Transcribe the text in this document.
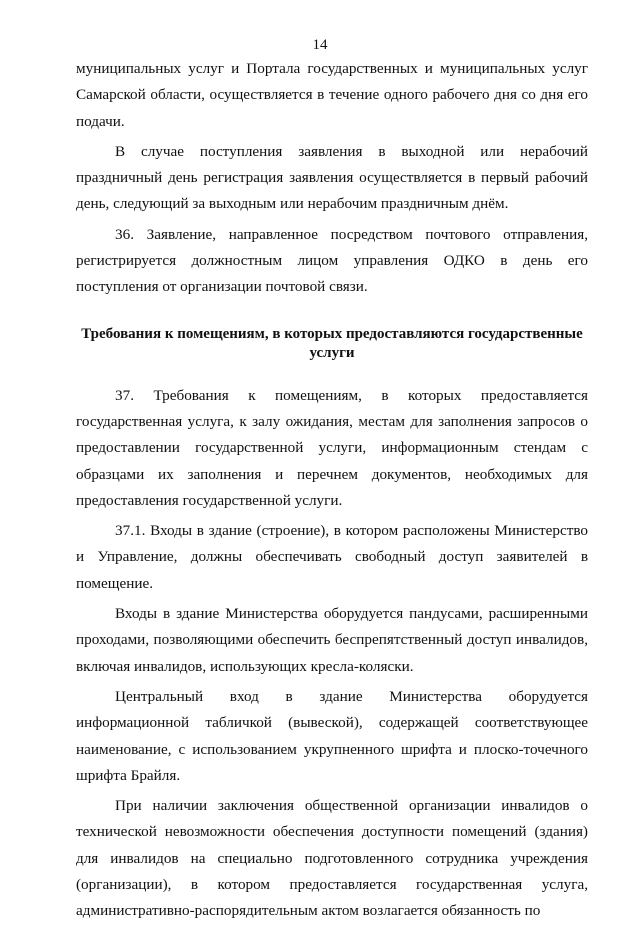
14

муниципальных услуг и Портала государственных и муниципальных услуг Самарской области, осуществляется в течение одного рабочего дня со дня его подачи.

В случае поступления заявления в выходной или нерабочий праздничный день регистрация заявления осуществляется в первый рабочий день, следующий за выходным или нерабочим праздничным днём.

36. Заявление, направленное посредством почтового отправления, регистрируется должностным лицом управления ОДКО в день его поступления от организации почтовой связи.

Требования к помещениям, в которых предоставляются государственные услуги

37. Требования к помещениям, в которых предоставляется государственная услуга, к залу ожидания, местам для заполнения запросов о предоставлении государственной услуги, информационным стендам с образцами их заполнения и перечнем документов, необходимых для предоставления государственной услуги.

37.1. Входы в здание (строение), в котором расположены Министерство и Управление, должны обеспечивать свободный доступ заявителей в помещение.

Входы в здание Министерства оборудуется пандусами, расширенными проходами, позволяющими обеспечить беспрепятственный доступ инвалидов, включая инвалидов, использующих кресла-коляски.

Центральный вход в здание Министерства оборудуется информационной табличкой (вывеской), содержащей соответствующее наименование, с использованием укрупненного шрифта и плоско-точечного шрифта Брайля.

При наличии заключения общественной организации инвалидов о технической невозможности обеспечения доступности помещений (здания) для инвалидов на специально подготовленного сотрудника учреждения (организации), в котором предоставляется государственная услуга, административно-распорядительным актом возлагается обязанность по
